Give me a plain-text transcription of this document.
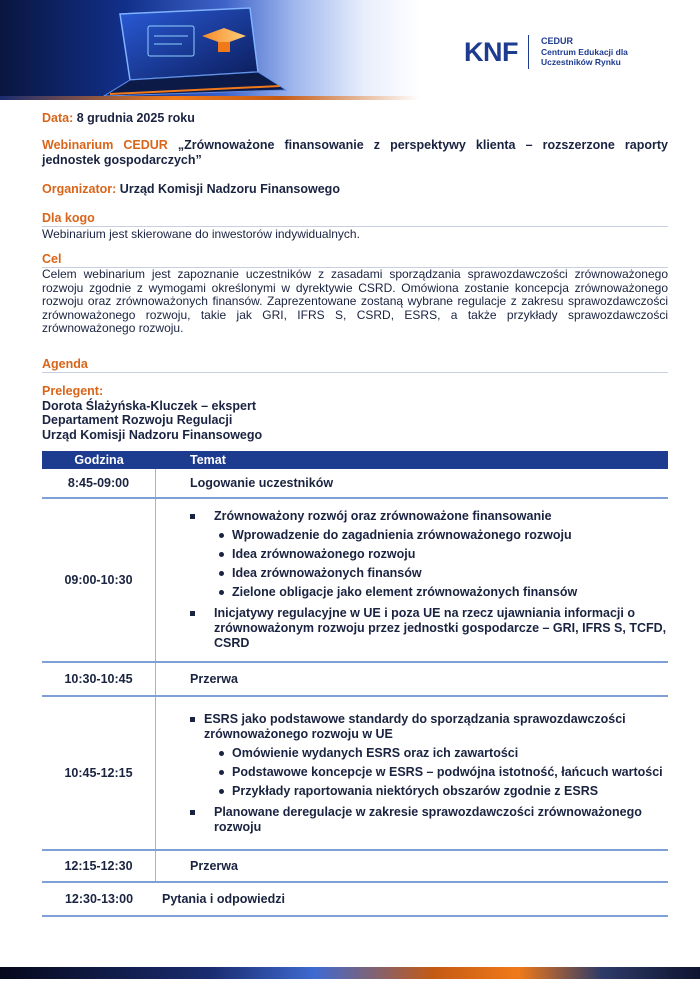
KNF	CEDUR
Centrum Edukacji dla
Uczestników Rynku
Data: 8 grudnia 2025 roku
Webinarium CEDUR „Zrównoważone finansowanie z perspektywy klienta – rozszerzone raporty jednostek gospodarczych”
Organizator: Urząd Komisji Nadzoru Finansowego
Dla kogo
Webinarium jest skierowane do inwestorów indywidualnych.
Cel
Celem webinarium jest zapoznanie uczestników z zasadami sporządzania sprawozdawczości zrównoważonego rozwoju zgodnie z wymogami określonymi w dyrektywie CSRD. Omówiona zostanie koncepcja zrównoważonego rozwoju oraz zrównoważonych finansów. Zaprezentowane zostaną wybrane regulacje z zakresu sprawozdawczości zrównoważonego rozwoju, takie jak GRI, IFRS S, CSRD, ESRS, a także przykłady sprawozdawczości zrównoważonego rozwoju.
Agenda
Prelegent:
Dorota Ślażyńska-Kluczek – ekspert
Departament Rozwoju Regulacji
Urząd Komisji Nadzoru Finansowego
Godzina	Temat
8:45-09:00	Logowanie uczestników
09:00-10:30
Zrównoważony rozwój oraz zrównoważone finansowanie
Wprowadzenie do zagadnienia zrównoważonego rozwoju
Idea zrównoważonego rozwoju
Idea zrównoważonych finansów
Zielone obligacje jako element zrównoważonych finansów
Inicjatywy regulacyjne w UE i poza UE na rzecz ujawniania informacji o zrównoważonym rozwoju przez jednostki gospodarcze – GRI, IFRS S, TCFD, CSRD
10:30-10:45	Przerwa
10:45-12:15
ESRS jako podstawowe standardy do sporządzania sprawozdawczości zrównoważonego rozwoju w UE
Omówienie wydanych ESRS oraz ich zawartości
Podstawowe koncepcje w ESRS – podwójna istotność, łańcuch wartości
Przykłady raportowania niektórych obszarów zgodnie z ESRS
Planowane deregulacje w zakresie sprawozdawczości zrównoważonego rozwoju
12:15-12:30	Przerwa
12:30-13:00	Pytania i odpowiedzi
